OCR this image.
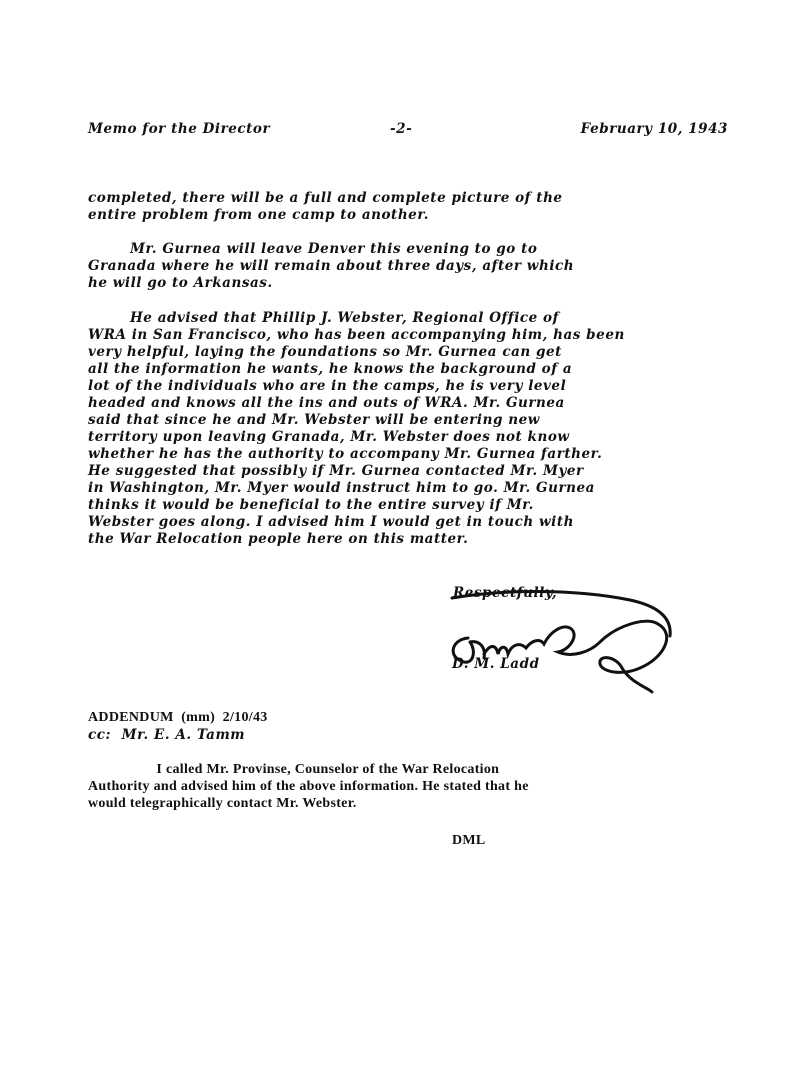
Memo for the Director	-2-	February 10, 1943
completed, there will be a full and complete picture of the
entire problem from one camp to another.
Mr. Gurnea will leave Denver this evening to go to
Granada where he will remain about three days, after which
he will go to Arkansas.
He advised that Phillip J. Webster, Regional Office of
WRA in San Francisco, who has been accompanying him, has been
very helpful, laying the foundations so Mr. Gurnea can get
all the information he wants, he knows the background of a
lot of the individuals who are in the camps, he is very level
headed and knows all the ins and outs of WRA. Mr. Gurnea
said that since he and Mr. Webster will be entering new
territory upon leaving Granada, Mr. Webster does not know
whether he has the authority to accompany Mr. Gurnea farther.
He suggested that possibly if Mr. Gurnea contacted Mr. Myer
in Washington, Mr. Myer would instruct him to go. Mr. Gurnea
thinks it would be beneficial to the entire survey if Mr.
Webster goes along. I advised him I would get in touch with
the War Relocation people here on this matter.
Respectfully,
D. M. Ladd
ADDENDUM  (mm)  2/10/43
cc:  Mr. E. A. Tamm
I called Mr. Provinse, Counselor of the War Relocation
Authority and advised him of the above information. He stated that he
would telegraphically contact Mr. Webster.
DML
